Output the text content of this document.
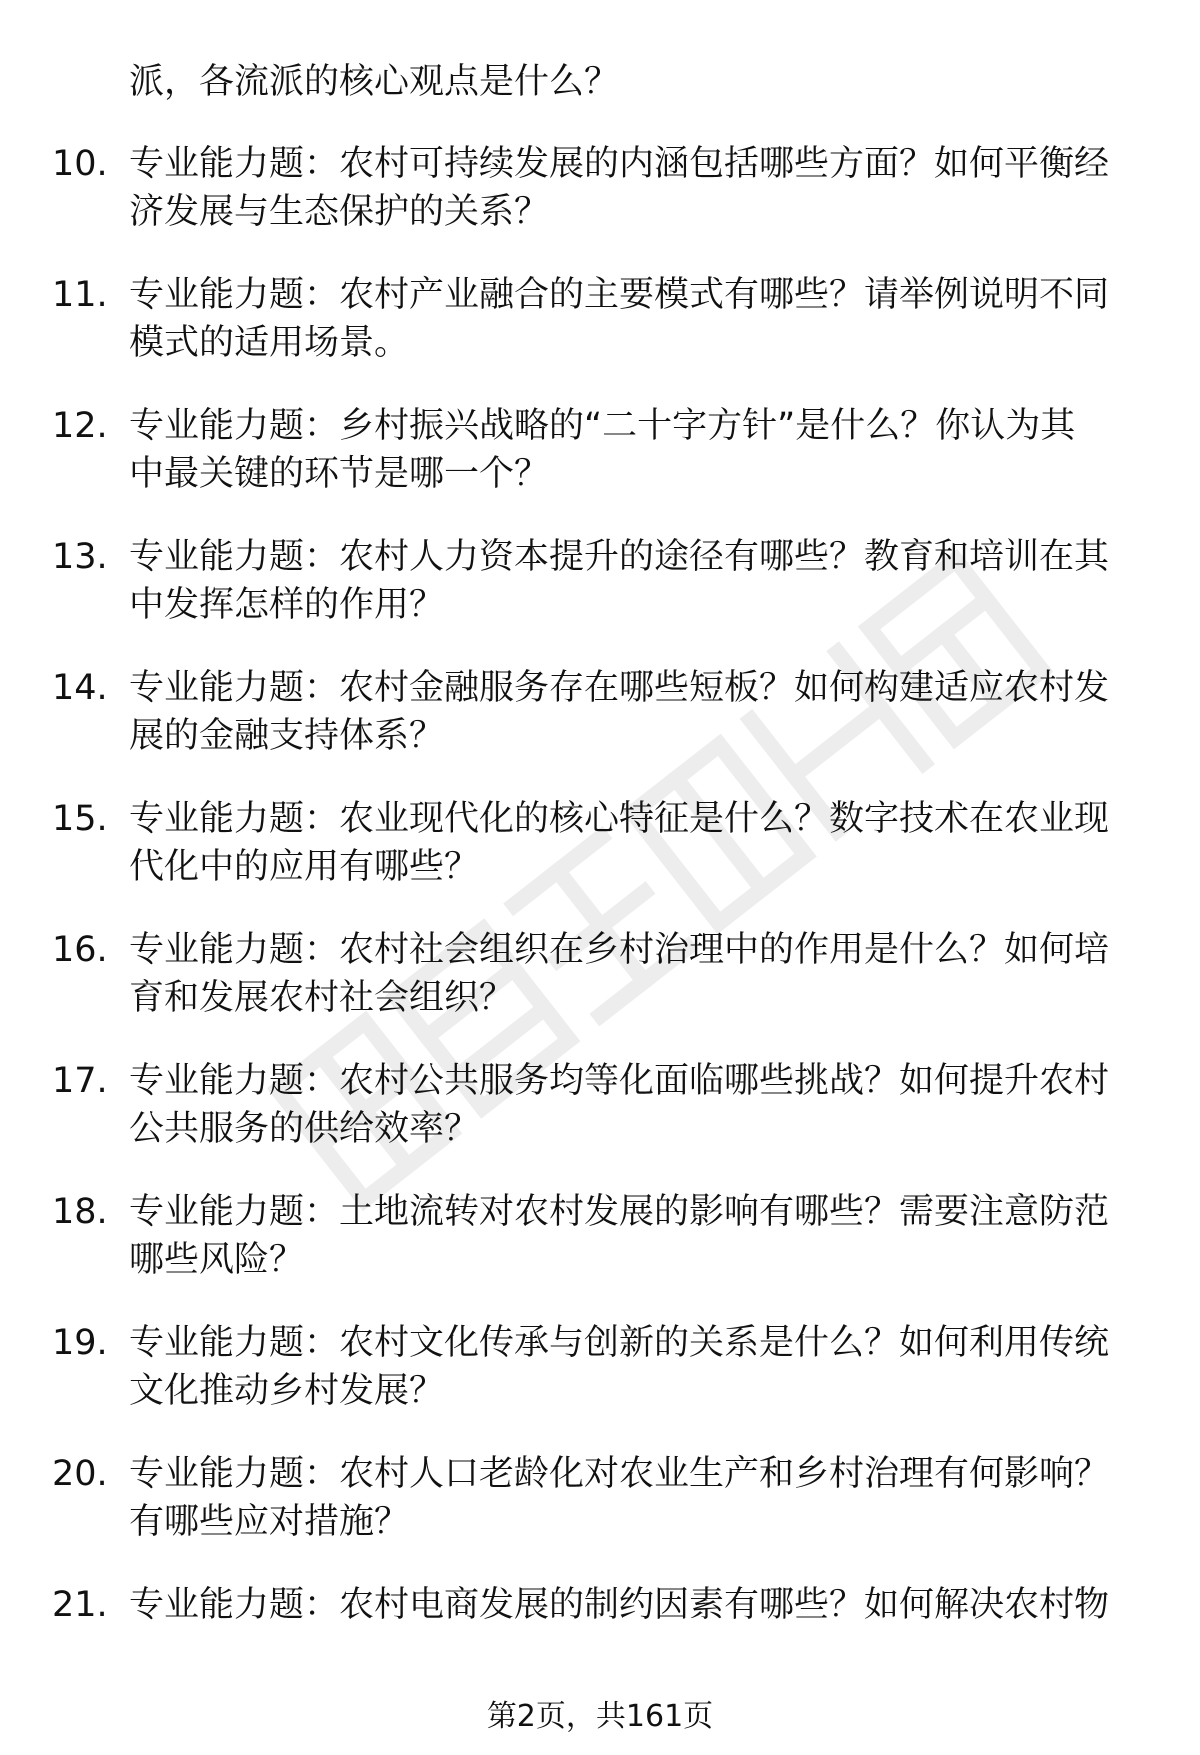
派，各流派的核心观点是什么？
10. 专业能力题：农村可持续发展的内涵包括哪些方面？如何平衡经
济发展与生态保护的关系？
11. 专业能力题：农村产业融合的主要模式有哪些？请举例说明不同
模式的适用场景。
12. 专业能力题：乡村振兴战略的“二十字方针”是什么？你认为其
中最关键的环节是哪一个？
13. 专业能力题：农村人力资本提升的途径有哪些？教育和培训在其
中发挥怎样的作用？
14. 专业能力题：农村金融服务存在哪些短板？如何构建适应农村发
展的金融支持体系？
15. 专业能力题：农业现代化的核心特征是什么？数字技术在农业现
代化中的应用有哪些？
16. 专业能力题：农村社会组织在乡村治理中的作用是什么？如何培
育和发展农村社会组织？
17. 专业能力题：农村公共服务均等化面临哪些挑战？如何提升农村
公共服务的供给效率？
18. 专业能力题：土地流转对农村发展的影响有哪些？需要注意防范
哪些风险？
19. 专业能力题：农村文化传承与创新的关系是什么？如何利用传统
文化推动乡村发展？
20. 专业能力题：农村人口老龄化对农业生产和乡村治理有何影响？
有哪些应对措施？
21. 专业能力题：农村电商发展的制约因素有哪些？如何解决农村物
第2页，共161页
